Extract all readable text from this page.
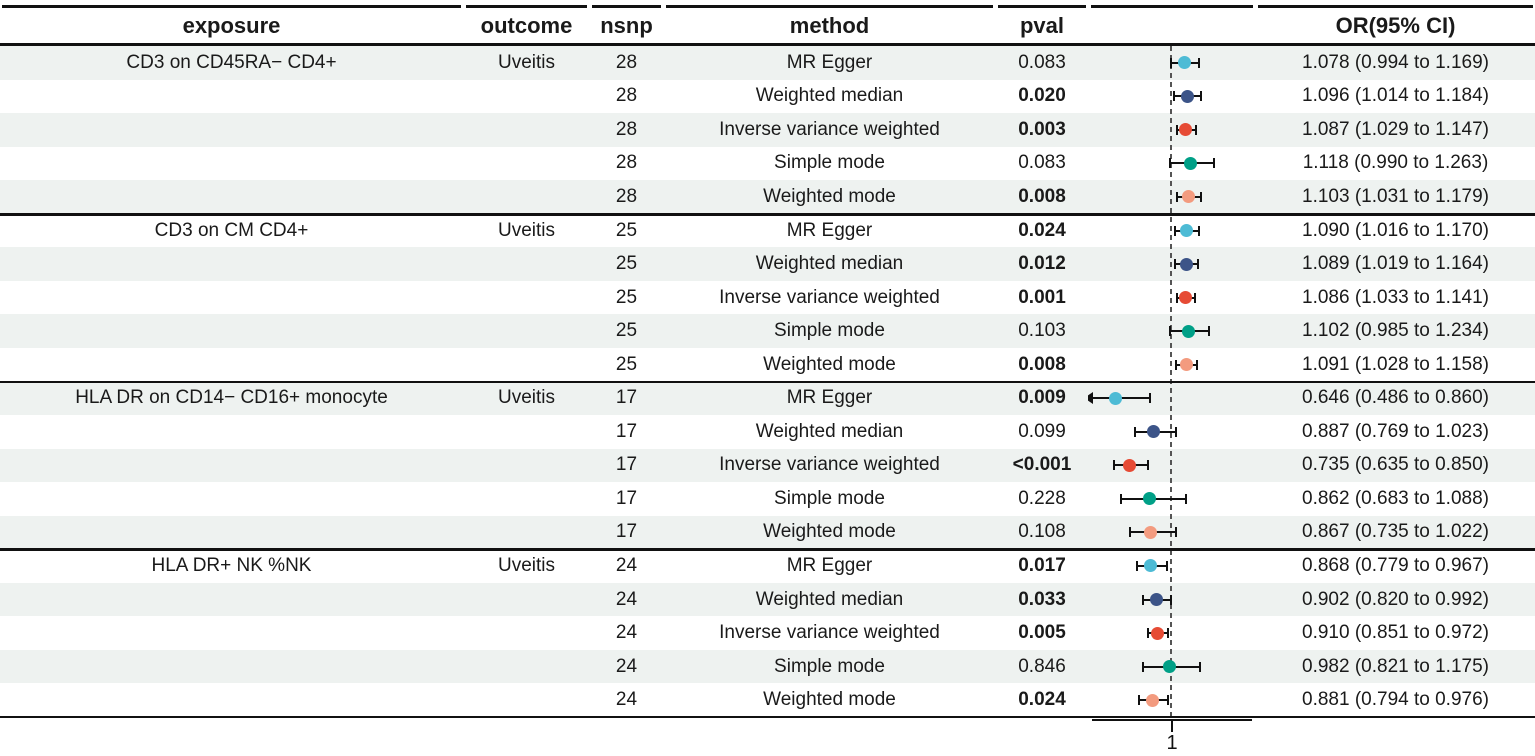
exposure	outcome	nsnp	method	pval	OR(95% CI)
CD3 on CD45RA− CD4+	Uveitis	28	MR Egger	0.083	1.078 (0.994 to 1.169)
28	Weighted median	0.020	1.096 (1.014 to 1.184)
28	Inverse variance weighted	0.003	1.087 (1.029 to 1.147)
28	Simple mode	0.083	1.118 (0.990 to 1.263)
28	Weighted mode	0.008	1.103 (1.031 to 1.179)
CD3 on CM CD4+	Uveitis	25	MR Egger	0.024	1.090 (1.016 to 1.170)
25	Weighted median	0.012	1.089 (1.019 to 1.164)
25	Inverse variance weighted	0.001	1.086 (1.033 to 1.141)
25	Simple mode	0.103	1.102 (0.985 to 1.234)
25	Weighted mode	0.008	1.091 (1.028 to 1.158)
HLA DR on CD14− CD16+ monocyte	Uveitis	17	MR Egger	0.009	0.646 (0.486 to 0.860)
17	Weighted median	0.099	0.887 (0.769 to 1.023)
17	Inverse variance weighted	<0.001	0.735 (0.635 to 0.850)
17	Simple mode	0.228	0.862 (0.683 to 1.088)
17	Weighted mode	0.108	0.867 (0.735 to 1.022)
HLA DR+ NK %NK	Uveitis	24	MR Egger	0.017	0.868 (0.779 to 0.967)
24	Weighted median	0.033	0.902 (0.820 to 0.992)
24	Inverse variance weighted	0.005	0.910 (0.851 to 0.972)
24	Simple mode	0.846	0.982 (0.821 to 1.175)
24	Weighted mode	0.024	0.881 (0.794 to 0.976)
1
